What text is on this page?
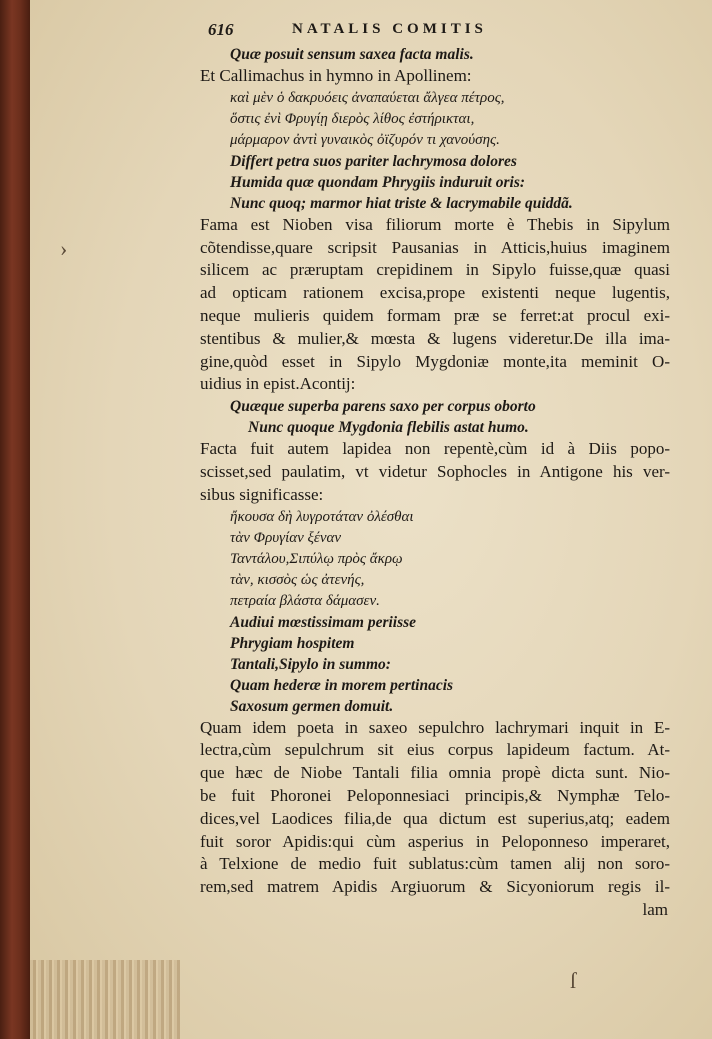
›
ſ
616	NATALIS COMITIS
Quæ posuit sensum saxea facta malis.
Et Callimachus in hymno in Apollinem:
καὶ μὲν ὁ δακρυόεις ἀναπαύεται ἄλγεα πέτρος,
ὅστις ἐνὶ Φρυγίῃ διερὸς λίθος ἐστήρικται,
μάρμαρον ἀντὶ γυναικὸς ὀϊζυρόν τι χανούσης.
Differt petra suos pariter lachrymosa dolores
Humida quæ quondam Phrygiis induruit oris:
Nunc quoq; marmor hiat triste & lacrymabile quiddã.
Fama est Nioben visa filiorum morte è Thebis in Sipylum
cõtendisse,quare scripsit Pausanias in Atticis,huius imaginem
silicem ac præruptam crepidinem in Sipylo fuisse,quæ quasi
ad opticam rationem excisa,prope existenti neque lugentis,
neque mulieris quidem formam præ se ferret:at procul exi-
stentibus & mulier,& mœsta & lugens videretur.De illa ima-
gine,quòd esset in Sipylo Mygdoniæ monte,ita meminit O-
uidius in epist.Acontij:
Quæque superba parens saxo per corpus oborto
Nunc quoque Mygdonia flebilis astat humo.
Facta fuit autem lapidea non repentè,cùm id à Diis popo-
scisset,sed paulatim, vt videtur Sophocles in Antigone his ver-
sibus significasse:
ἤκουσα δὴ λυγροτάταν ὀλέσθαι
τὰν Φρυγίαν ξέναν
Ταντάλου,Σιπύλῳ πρὸς ἄκρῳ
τὰν, κισσὸς ὡς ἀτενής,
πετραία βλάστα δάμασεν.
Audiui mœstissimam periisse
Phrygiam hospitem
Tantali,Sipylo in summo:
Quam hederæ in morem pertinacis
Saxosum germen domuit.
Quam idem poeta in saxeo sepulchro lachrymari inquit in E-
lectra,cùm sepulchrum sit eius corpus lapideum factum. At-
que hæc de Niobe Tantali filia omnia propè dicta sunt. Nio-
be fuit Phoronei Peloponnesiaci principis,& Nymphæ Telo-
dices,vel Laodices filia,de qua dictum est superius,atq; eadem
fuit soror Apidis:qui cùm asperius in Peloponneso imperaret,
à Telxione de medio fuit sublatus:cùm tamen alij non soro-
rem,sed matrem Apidis Argiuorum & Sicyoniorum regis il-
lam
